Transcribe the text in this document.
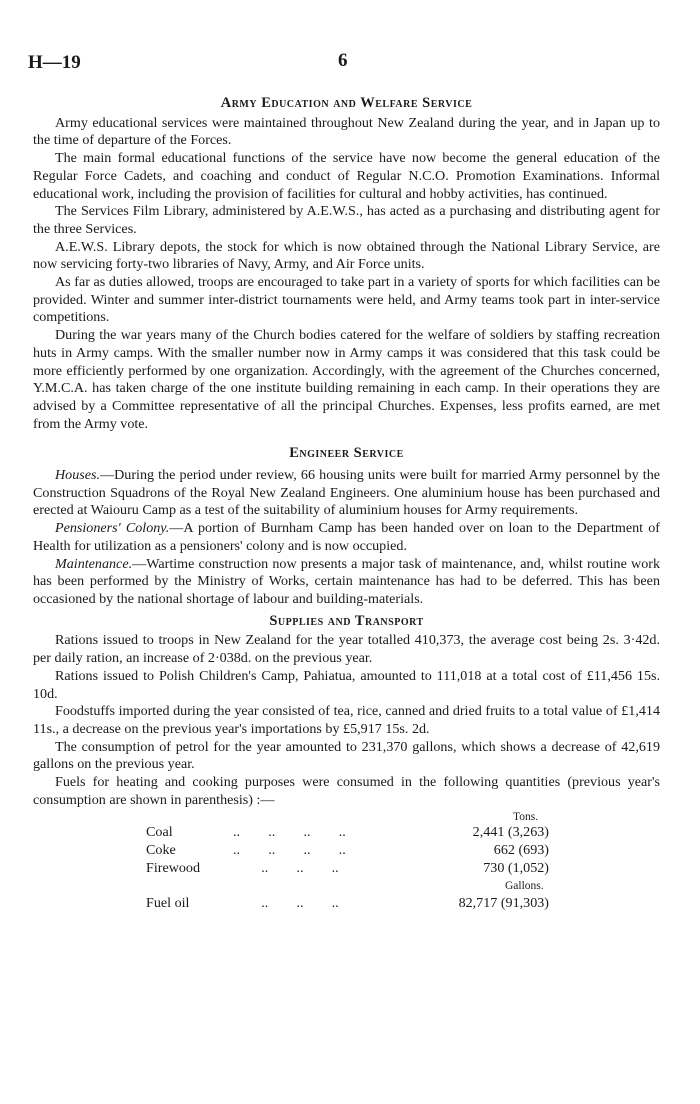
H—19	6
Army Education and Welfare Service

Army educational services were maintained throughout New Zealand during the year, and in Japan up to the time of departure of the Forces.

The main formal educational functions of the service have now become the general education of the Regular Force Cadets, and coaching and conduct of Regular N.C.O. Promotion Examinations. Informal educational work, including the provision of facilities for cultural and hobby activities, has continued.

The Services Film Library, administered by A.E.W.S., has acted as a purchasing and distributing agent for the three Services.

A.E.W.S. Library depots, the stock for which is now obtained through the National Library Service, are now servicing forty-two libraries of Navy, Army, and Air Force units.

As far as duties allowed, troops are encouraged to take part in a variety of sports for which facilities can be provided. Winter and summer inter-district tournaments were held, and Army teams took part in inter-service competitions.

During the war years many of the Church bodies catered for the welfare of soldiers by staffing recreation huts in Army camps. With the smaller number now in Army camps it was considered that this task could be more efficiently performed by one organization. Accordingly, with the agreement of the Churches concerned, Y.M.C.A. has taken charge of the one institute building remaining in each camp. In their operations they are advised by a Committee representative of all the principal Churches. Expenses, less profits earned, are met from the Army vote.

Engineer Service

Houses.—During the period under review, 66 housing units were built for married Army personnel by the Construction Squadrons of the Royal New Zealand Engineers. One aluminium house has been purchased and erected at Waiouru Camp as a test of the suitability of aluminium houses for Army requirements.

Pensioners' Colony.—A portion of Burnham Camp has been handed over on loan to the Department of Health for utilization as a pensioners' colony and is now occupied.

Maintenance.—Wartime construction now presents a major task of maintenance, and, whilst routine work has been performed by the Ministry of Works, certain maintenance has had to be deferred. This has been occasioned by the national shortage of labour and building-materials.

Supplies and Transport

Rations issued to troops in New Zealand for the year totalled 410,373, the average cost being 2s. 3·42d. per daily ration, an increase of 2·038d. on the previous year.

Rations issued to Polish Children's Camp, Pahiatua, amounted to 111,018 at a total cost of £11,456 15s. 10d.

Foodstuffs imported during the year consisted of tea, rice, canned and dried fruits to a total value of £1,414 11s., a decrease on the previous year's importations by £5,917 15s. 2d.

The consumption of petrol for the year amounted to 231,370 gallons, which shows a decrease of 42,619 gallons on the previous year.

Fuels for heating and cooking purposes were consumed in the following quantities (previous year's consumption are shown in parenthesis) :—

Tons.
Coal	..        ..        ..        ..	2,441 (3,263)
Coke	..        ..        ..        ..	662 (693)
Firewood ..        ..        ..	730 (1,052)
Gallons.
Fuel oil	..        ..        ..	82,717 (91,303)
